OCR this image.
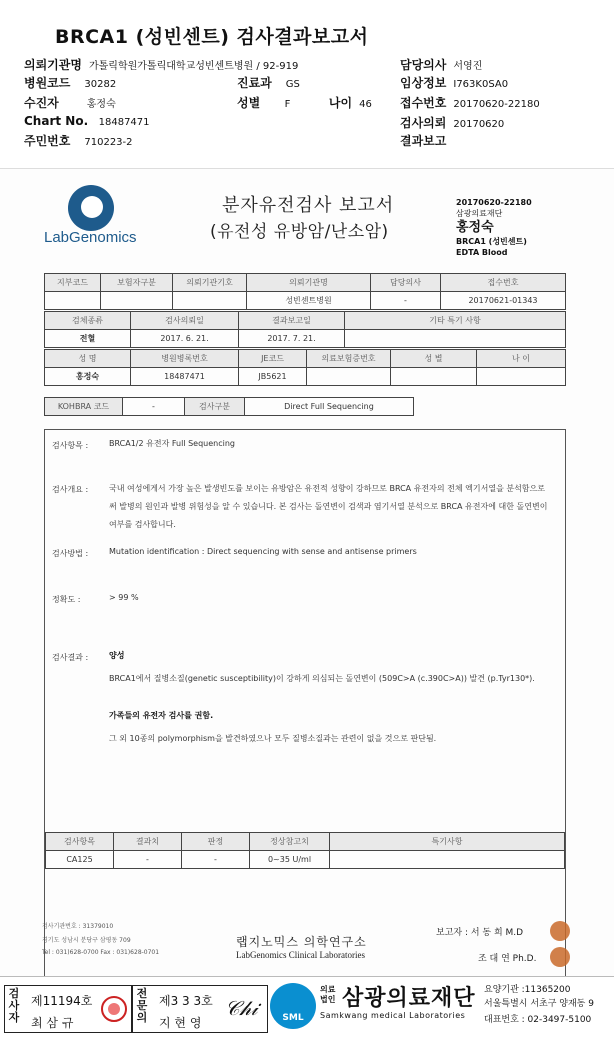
BRCA1 (성빈센트) 검사결과보고서
의뢰기관명 가톨릭학원가톨릭대학교성빈센트병원 / 92-919
병원코드 30282
수진자	홍정숙
Chart No. 18487471
주민번호 710223-2
진료과 GS
성별 F	나이 46
담당의사 서영진
임상정보 I763K0SA0
접수번호 20170620-22180
검사의뢰 20170620
결과보고
LabGenomics
분자유전검사 보고서
(유전성 유방암/난소암)
20170620-22180
삼광의료재단
홍정숙
BRCA1 (성빈센트)
EDTA Blood
지부코드	보험자구분	의뢰기관기호	의뢰기관명	담당의사	접수번호
			성빈센트병원	-	20170621-01343
검체종류	검사의뢰일	결과보고일	기타 특기 사항
전혈	2017. 6. 21.	2017. 7. 21.	
성 명	병원병록번호	JE코드	의료보험증번호	성 별	나 이
홍정숙	18487471	JB5621			
KOHBRA 코드	-	검사구분	Direct Full Sequencing
검사항목 :	BRCA1/2 유전자 Full Sequencing
검사개요 :	국내 여성에게서 가장 높은 발생빈도를 보이는 유방암은 유전적 성향이 강하므로 BRCA 유전자의 전체 엑기서열을 분석함으로써 발병의 원인과 발병 위험성을 알 수 있습니다. 본 검사는 돌연변이 검색과 염기서열 분석으로 BRCA 유전자에 대한 돌연변이 여부를 검사합니다.
검사방법 :	Mutation identification : Direct sequencing with sense and antisense primers
정확도 :	> 99 %
검사결과 :	양성
BRCA1에서 질병소질(genetic susceptibility)이 강하게 의심되는 돌연변이 (509C>A (c.390C>A)) 발견 (p.Tyr130*).
가족들의 유전자 검사를 권함.
그 외 10종의 polymorphism을 발견하였으나 모두 질병소질과는 관련이 없을 것으로 판단됨.
검사항목	결과치	판정	정상참고치	특기사항
CA125	-	-	0~35 U/ml	
검사기관번호 : 31379010
경기도 성남시 분당구 삼평동 709
Tel : 031)628-0700 Fax : 031)628-0701
랩지노믹스 의학연구소
LabGenomics Clinical Laboratories
보고자 : 서 동 희 M.D
조 대 연 Ph.D.
검
사
자
제11194호
최 삼 규
전
문
의
제3 3 3호
지 현 영
𝒞𝒽𝒾	SML
의료
법인 삼광의료재단
Samkwang medical Laboratories
요양기관 :11365200
서울특별시 서초구 양재동 9
대표번호 : 02-3497-5100
